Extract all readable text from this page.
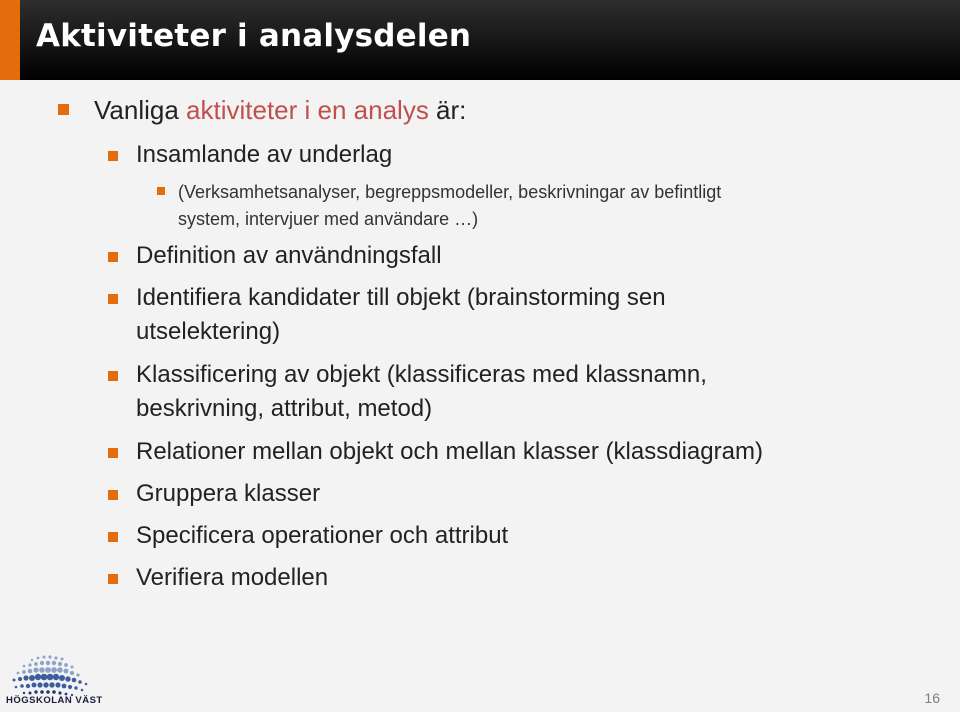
Aktiviteter i analysdelen

Vanliga aktiviteter i en analys är:

Insamlande av underlag

(Verksamhetsanalyser, begreppsmodeller, beskrivningar av befintligt

system, intervjuer med användare …)

Definition av användningsfall

Identifiera kandidater till objekt (brainstorming sen

utselektering)

Klassificering av objekt (klassificeras med klassnamn,

beskrivning, attribut, metod)

Relationer mellan objekt och mellan klasser (klassdiagram)

Gruppera klasser

Specificera operationer och attribut

Verifiera modellen

HÖGSKOLAN VÄST	16
